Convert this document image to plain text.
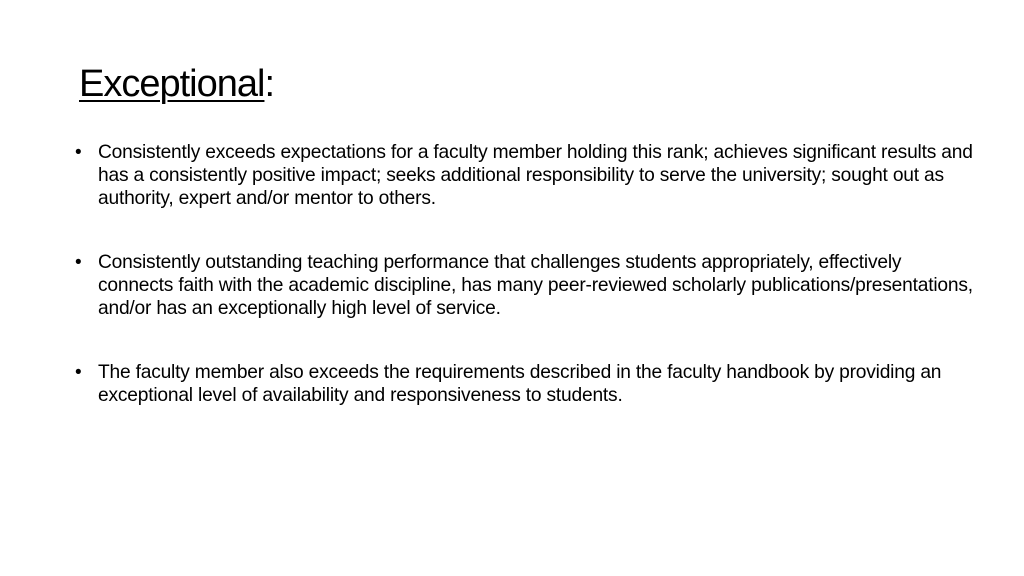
Exceptional:
• Consistently exceeds expectations for a faculty member holding this rank; achieves significant results and has a consistently positive impact; seeks additional responsibility to serve the university; sought out as authority, expert and/or mentor to others.
• Consistently outstanding teaching performance that challenges students appropriately, effectively connects faith with the academic discipline, has many peer-reviewed scholarly publications/presentations, and/or has an exceptionally high level of service.
• The faculty member also exceeds the requirements described in the faculty handbook by providing an exceptional level of availability and responsiveness to students.
